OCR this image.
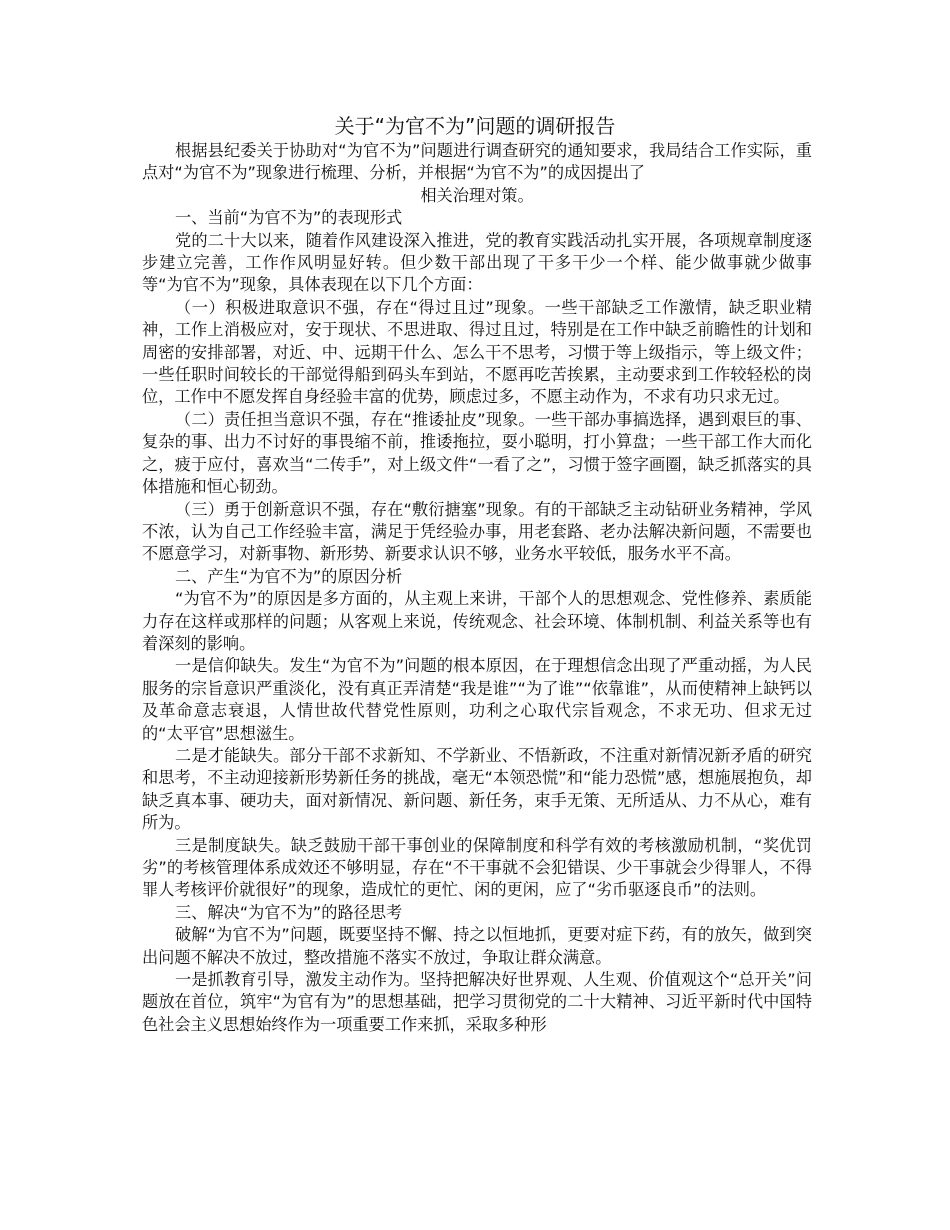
关于“为官不为”问题的调研报告

根据县纪委关于协助对“为官不为”问题进行调查研究的通知要求，我局结合工作实际，重点对“为官不为”现象进行梳理、分析，并根据“为官不为”的成因提出了

相关治理对策。

一、当前“为官不为”的表现形式

党的二十大以来，随着作风建设深入推进，党的教育实践活动扎实开展，各项规章制度逐步建立完善，工作作风明显好转。但少数干部出现了干多干少一个样、能少做事就少做事等“为官不为”现象，具体表现在以下几个方面：

（一）积极进取意识不强，存在“得过且过”现象。一些干部缺乏工作激情，缺乏职业精神，工作上消极应对，安于现状、不思进取、得过且过，特别是在工作中缺乏前瞻性的计划和周密的安排部署，对近、中、远期干什么、怎么干不思考，习惯于等上级指示，等上级文件；一些任职时间较长的干部觉得船到码头车到站，不愿再吃苦挨累，主动要求到工作较轻松的岗位，工作中不愿发挥自身经验丰富的优势，顾虑过多，不愿主动作为，不求有功只求无过。

（二）责任担当意识不强，存在“推诿扯皮”现象。一些干部办事搞选择，遇到艰巨的事、复杂的事、出力不讨好的事畏缩不前，推诿拖拉，耍小聪明，打小算盘；一些干部工作大而化之，疲于应付，喜欢当“二传手”，对上级文件“一看了之”，习惯于签字画圈，缺乏抓落实的具体措施和恒心韧劲。

（三）勇于创新意识不强，存在“敷衍搪塞”现象。有的干部缺乏主动钻研业务精神，学风不浓，认为自己工作经验丰富，满足于凭经验办事，用老套路、老办法解决新问题，不需要也不愿意学习，对新事物、新形势、新要求认识不够，业务水平较低，服务水平不高。

二、产生“为官不为”的原因分析

“为官不为”的原因是多方面的，从主观上来讲，干部个人的思想观念、党性修养、素质能力存在这样或那样的问题；从客观上来说，传统观念、社会环境、体制机制、利益关系等也有着深刻的影响。

一是信仰缺失。发生“为官不为”问题的根本原因，在于理想信念出现了严重动摇，为人民服务的宗旨意识严重淡化，没有真正弄清楚“我是谁”“为了谁”“依靠谁”，从而使精神上缺钙以及革命意志衰退，人情世故代替党性原则，功利之心取代宗旨观念，不求无功、但求无过的“太平官”思想滋生。

二是才能缺失。部分干部不求新知、不学新业、不悟新政，不注重对新情况新矛盾的研究和思考，不主动迎接新形势新任务的挑战，毫无“本领恐慌”和“能力恐慌”感，想施展抱负，却缺乏真本事、硬功夫，面对新情况、新问题、新任务，束手无策、无所适从、力不从心，难有所为。

三是制度缺失。缺乏鼓励干部干事创业的保障制度和科学有效的考核激励机制，“奖优罚劣”的考核管理体系成效还不够明显，存在“不干事就不会犯错误、少干事就会少得罪人，不得罪人考核评价就很好”的现象，造成忙的更忙、闲的更闲，应了“劣币驱逐良币”的法则。

三、解决“为官不为”的路径思考

破解“为官不为”问题，既要坚持不懈、持之以恒地抓，更要对症下药，有的放矢，做到突出问题不解决不放过，整改措施不落实不放过，争取让群众满意。

一是抓教育引导，激发主动作为。坚持把解决好世界观、人生观、价值观这个“总开关”问题放在首位，筑牢“为官有为”的思想基础，把学习贯彻党的二十大精神、习近平新时代中国特色社会主义思想始终作为一项重要工作来抓，采取多种形
